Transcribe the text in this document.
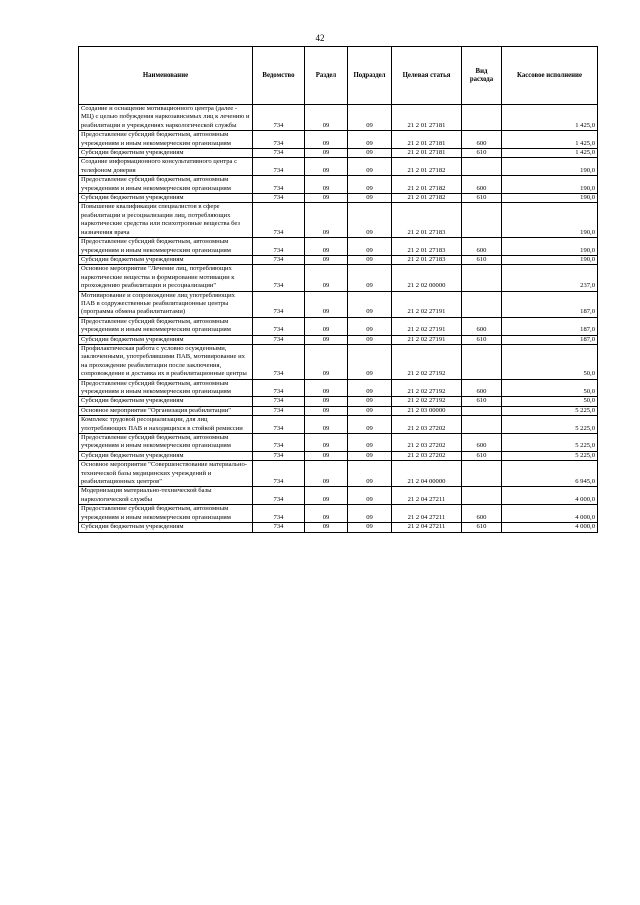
42
Наименование	Ведомство	Раздел	Подраздел	Целевая статья	Вид расхода	Кассовое исполнение
Создание и оснащение мотивационного центра (далее - МЦ) с целью побуждения наркозависимых лиц к лечению и реабилитации в учреждениях наркологической службы	734	09	09	21 2 01 27181		1 425,0
Предоставление субсидий бюджетным, автономным учреждениям и иным некоммерческим организациям	734	09	09	21 2 01 27181	600	1 425,0
Субсидии бюджетным учреждениям	734	09	09	21 2 01 27181	610	1 425,0
Создание информационного консультативного центра с телефоном доверия	734	09	09	21 2 01 27182		190,0
Предоставление субсидий бюджетным, автономным учреждениям и иным некоммерческим организациям	734	09	09	21 2 01 27182	600	190,0
Субсидии бюджетным учреждениям	734	09	09	21 2 01 27182	610	190,0
Повышение квалификации специалистов в сфере реабилитации и ресоциализации лиц, потребляющих наркотические средства или психотропные вещества без назначения врача	734	09	09	21 2 01 27183		190,0
Предоставление субсидий бюджетным, автономным учреждениям и иным некоммерческим организациям	734	09	09	21 2 01 27183	600	190,0
Субсидии бюджетным учреждениям	734	09	09	21 2 01 27183	610	190,0
Основное мероприятие "Лечение лиц, потребляющих наркотические вещества и формирование мотивации к прохождению реабилитации и ресоциализации"	734	09	09	21 2 02 00000		237,0
Мотивирование и сопровождение лиц употребляющих ПАВ в содружественные реабилитационные центры (программа обмена реабилитантами)	734	09	09	21 2 02 27191		187,0
Предоставление субсидий бюджетным, автономным учреждениям и иным некоммерческим организациям	734	09	09	21 2 02 27191	600	187,0
Субсидии бюджетным учреждениям	734	09	09	21 2 02 27191	610	187,0
Профилактическая работа с условно осужденными, заключенными, употреблявшими ПАВ, мотивирование их на прохождение реабилитации после заключения, сопровождение и доставка их в реабилитационные центры	734	09	09	21 2 02 27192		50,0
Предоставление субсидий бюджетным, автономным учреждениям и иным некоммерческим организациям	734	09	09	21 2 02 27192	600	50,0
Субсидии бюджетным учреждениям	734	09	09	21 2 02 27192	610	50,0
Основное мероприятие "Организация реабилитации"	734	09	09	21 2 03 00000		5 225,0
Комплекс трудовой ресоциализации, для лиц употребляющих ПАВ и находящихся в стойкой ремиссии	734	09	09	21 2 03 27202		5 225,0
Предоставление субсидий бюджетным, автономным учреждениям и иным некоммерческим организациям	734	09	09	21 2 03 27202	600	5 225,0
Субсидии бюджетным учреждениям	734	09	09	21 2 03 27202	610	5 225,0
Основное мероприятие "Совершенствование материально-технической базы медицинских учреждений и реабилитационных центров"	734	09	09	21 2 04 00000		6 945,0
Модернизация материально-технической базы наркологической службы	734	09	09	21 2 04 27211		4 000,0
Предоставление субсидий бюджетным, автономным учреждениям и иным некоммерческим организациям	734	09	09	21 2 04 27211	600	4 000,0
Субсидии бюджетным учреждениям	734	09	09	21 2 04 27211	610	4 000,0
